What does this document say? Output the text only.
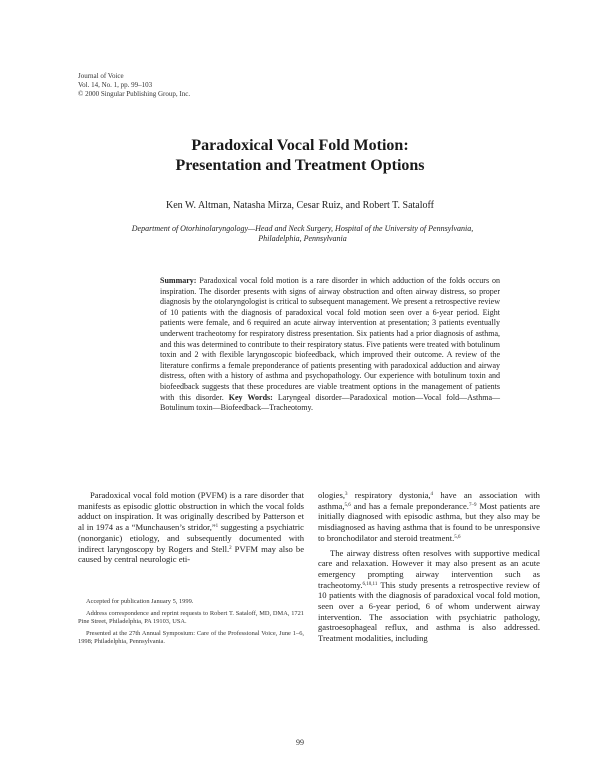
Journal of Voice
Vol. 14, No. 1, pp. 99–103
© 2000 Singular Publishing Group, Inc.
Paradoxical Vocal Fold Motion:
Presentation and Treatment Options
Ken W. Altman, Natasha Mirza, Cesar Ruiz, and Robert T. Sataloff
Department of Otorhinolaryngology—Head and Neck Surgery, Hospital of the University of Pennsylvania, Philadelphia, Pennsylvania
Summary: Paradoxical vocal fold motion is a rare disorder in which adduction of the folds occurs on inspiration. The disorder presents with signs of airway obstruction and often airway distress, so proper diagnosis by the otolaryngologist is critical to subsequent management. We present a retrospective review of 10 patients with the diagnosis of paradoxical vocal fold motion seen over a 6-year period. Eight patients were female, and 6 required an acute airway intervention at presentation; 3 patients eventually underwent tracheotomy for respiratory distress presentation. Six patients had a prior diagnosis of asthma, and this was determined to contribute to their respiratory status. Five patients were treated with botulinum toxin and 2 with flexible laryngoscopic biofeedback, which improved their outcome. A review of the literature confirms a female preponderance of patients presenting with paradoxical adduction and airway distress, often with a history of asthma and psychopathology. Our experience with botulinum toxin and biofeedback suggests that these procedures are viable treatment options in the management of patients with this disorder. Key Words: Laryngeal disorder—Paradoxical motion—Vocal fold—Asthma—Botulinum toxin—Biofeedback—Tracheotomy.

Paradoxical vocal fold motion (PVFM) is a rare disorder that manifests as episodic glottic obstruction in which the vocal folds adduct on inspiration. It was originally described by Patterson et al in 1974 as a “Munchausen’s stridor,”$^1$ suggesting a psychiatric (nonorganic) etiology, and subsequently documented with indirect laryngoscopy by Rogers and Stell.$^2$ PVFM may also be caused by central neurologic eti-

ologies,$^3$ respiratory dystonia,$^4$ have an association with asthma,$^{5,6}$ and has a female preponderance.$^{7-9}$ Most patients are initially diagnosed with episodic asthma, but they also may be misdiagnosed as having asthma that is found to be unresponsive to bronchodilator and steroid treatment.$^{5,6}$

The airway distress often resolves with supportive medical care and relaxation. However it may also present as an acute emergency prompting airway intervention such as tracheotomy.$^{6,10,11}$ This study presents a retrospective review of 10 patients with the diagnosis of paradoxical vocal fold motion, seen over a 6-year period, 6 of whom underwent airway intervention. The association with psychiatric pathology, gastroesophageal reflux, and asthma is also addressed. Treatment modalities, including

Accepted for publication January 5, 1999.

Address correspondence and reprint requests to Robert T. Sataloff, MD, DMA, 1721 Pine Street, Philadelphia, PA 19103, USA.

Presented at the 27th Annual Symposium: Care of the Professional Voice, June 1–6, 1998; Philadelphia, Pennsylvania.

99
